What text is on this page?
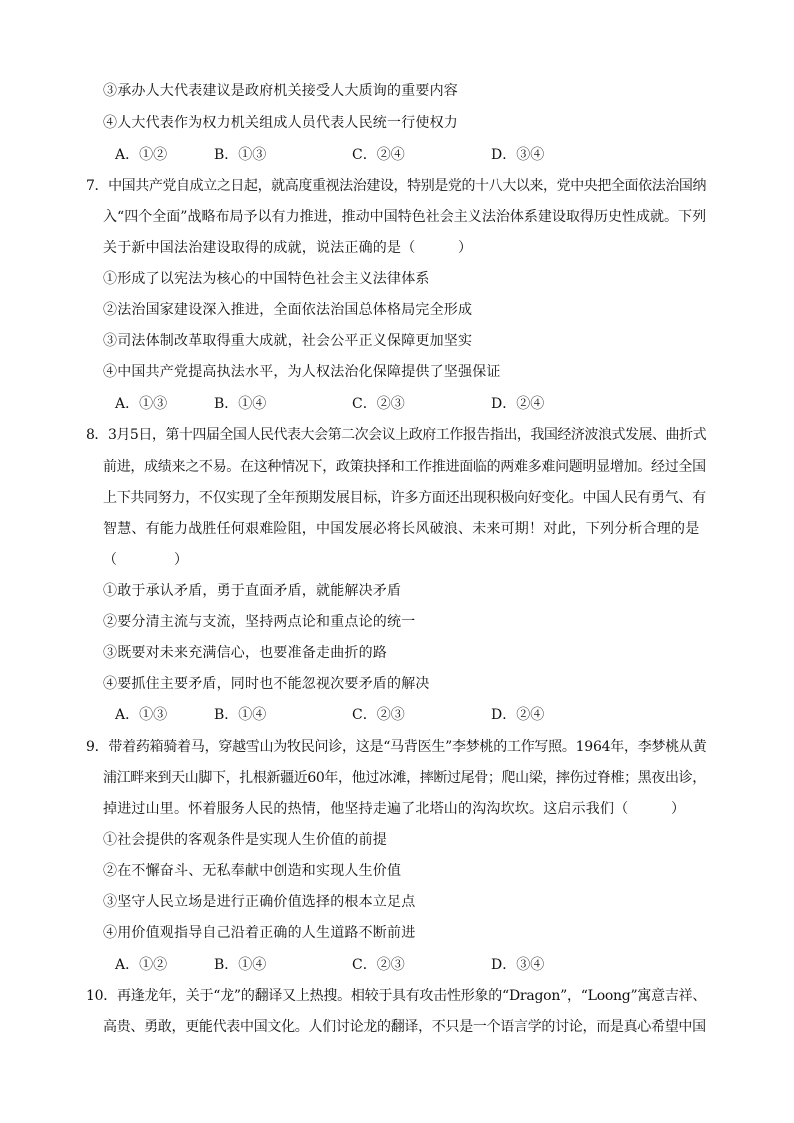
③承办人大代表建议是政府机关接受人大质询的重要内容
④人大代表作为权力机关组成人员代表人民统一行使权力
A．①②	B．①③	C．②④	D．③④
7．中国共产党自成立之日起，就高度重视法治建设，特别是党的十八大以来，党中央把全面依法治国纳
入“四个全面”战略布局予以有力推进，推动中国特色社会主义法治体系建设取得历史性成就。下列
关于新中国法治建设取得的成就，说法正确的是（　　　）
①形成了以宪法为核心的中国特色社会主义法律体系
②法治国家建设深入推进，全面依法治国总体格局完全形成
③司法体制改革取得重大成就，社会公平正义保障更加坚实
④中国共产党提高执法水平，为人权法治化保障提供了坚强保证
A．①③	B．①④	C．②③	D．②④
8．3月5日，第十四届全国人民代表大会第二次会议上政府工作报告指出，我国经济波浪式发展、曲折式
前进，成绩来之不易。在这种情况下，政策抉择和工作推进面临的两难多难问题明显增加。经过全国
上下共同努力，不仅实现了全年预期发展目标，许多方面还出现积极向好变化。中国人民有勇气、有
智慧、有能力战胜任何艰难险阻，中国发展必将长风破浪、未来可期！对此，下列分析合理的是
（　　　　）
①敢于承认矛盾，勇于直面矛盾，就能解决矛盾
②要分清主流与支流，坚持两点论和重点论的统一
③既要对未来充满信心，也要准备走曲折的路
④要抓住主要矛盾，同时也不能忽视次要矛盾的解决
A．①③	B．①④	C．②③	D．②④
9．带着药箱骑着马，穿越雪山为牧民问诊，这是“马背医生”李梦桃的工作写照。1964年，李梦桃从黄
浦江畔来到天山脚下，扎根新疆近60年，他过冰滩，摔断过尾骨；爬山梁，摔伤过脊椎；黑夜出诊，
掉进过山里。怀着服务人民的热情，他坚持走遍了北塔山的沟沟坎坎。这启示我们（　　　）
①社会提供的客观条件是实现人生价值的前提
②在不懈奋斗、无私奉献中创造和实现人生价值
③坚守人民立场是进行正确价值选择的根本立足点
④用价值观指导自己沿着正确的人生道路不断前进
A．①②	B．①④	C．②③	D．③④
10．再逢龙年，关于“龙”的翻译又上热搜。相较于具有攻击性形象的“Dragon”，“Loong”寓意吉祥、
高贵、勇敢，更能代表中国文化。人们讨论龙的翻译，不只是一个语言学的讨论，而是真心希望中国
